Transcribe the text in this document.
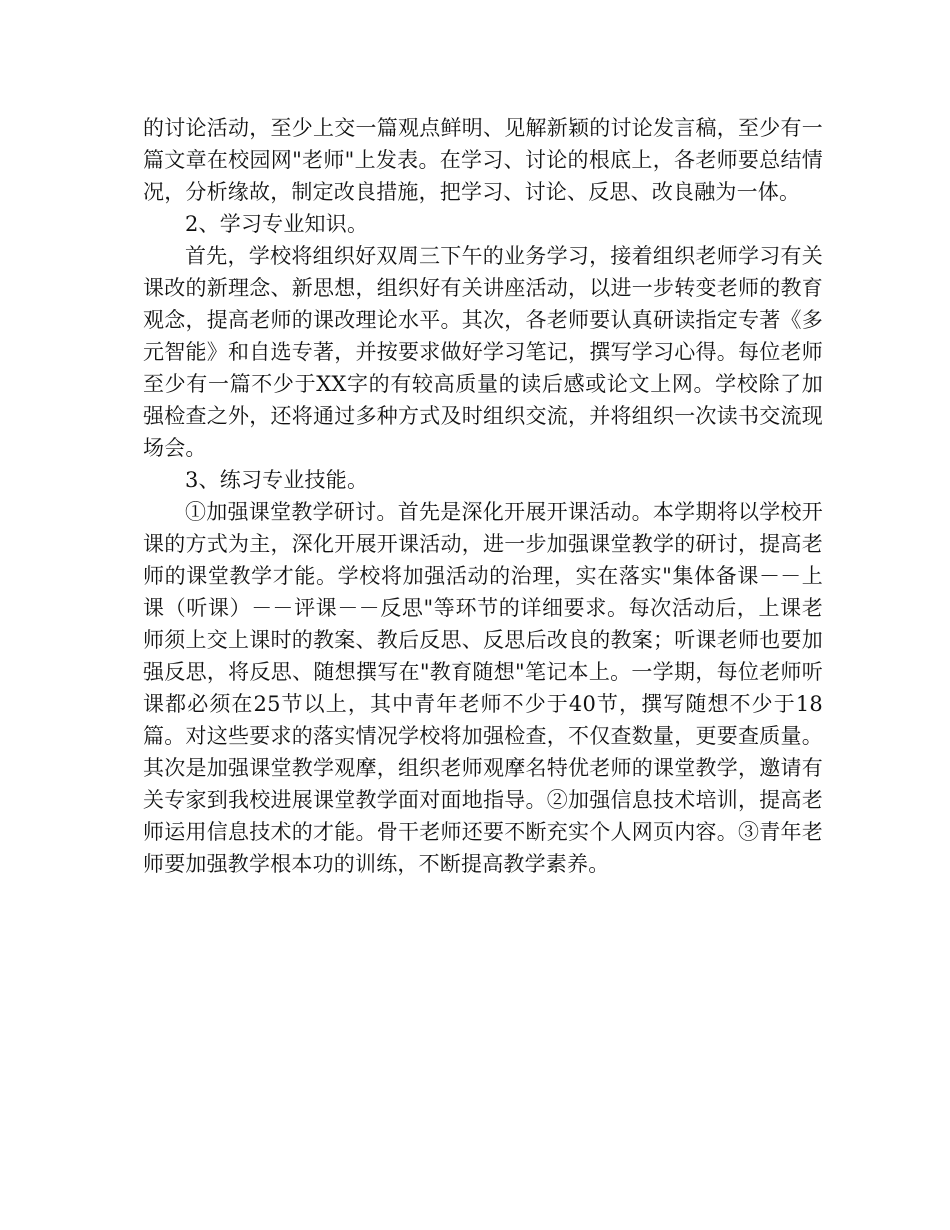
的讨论活动，至少上交一篇观点鲜明、见解新颖的讨论发言稿，至少有一篇文章在校园网"老师"上发表。在学习、讨论的根底上，各老师要总结情况，分析缘故，制定改良措施，把学习、讨论、反思、改良融为一体。

2、学习专业知识。

首先，学校将组织好双周三下午的业务学习，接着组织老师学习有关课改的新理念、新思想，组织好有关讲座活动，以进一步转变老师的教育观念，提高老师的课改理论水平。其次，各老师要认真研读指定专著《多元智能》和自选专著，并按要求做好学习笔记，撰写学习心得。每位老师至少有一篇不少于XX字的有较高质量的读后感或论文上网。学校除了加强检查之外，还将通过多种方式及时组织交流，并将组织一次读书交流现场会。

3、练习专业技能。

①加强课堂教学研讨。首先是深化开展开课活动。本学期将以学校开课的方式为主，深化开展开课活动，进一步加强课堂教学的研讨，提高老师的课堂教学才能。学校将加强活动的治理，实在落实"集体备课－－上课（听课）－－评课－－反思"等环节的详细要求。每次活动后，上课老师须上交上课时的教案、教后反思、反思后改良的教案；听课老师也要加强反思，将反思、随想撰写在"教育随想"笔记本上。一学期，每位老师听课都必须在25节以上，其中青年老师不少于40节，撰写随想不少于18篇。对这些要求的落实情况学校将加强检查，不仅查数量，更要查质量。其次是加强课堂教学观摩，组织老师观摩名特优老师的课堂教学，邀请有关专家到我校进展课堂教学面对面地指导。②加强信息技术培训，提高老师运用信息技术的才能。骨干老师还要不断充实个人网页内容。③青年老师要加强教学根本功的训练，不断提高教学素养。
